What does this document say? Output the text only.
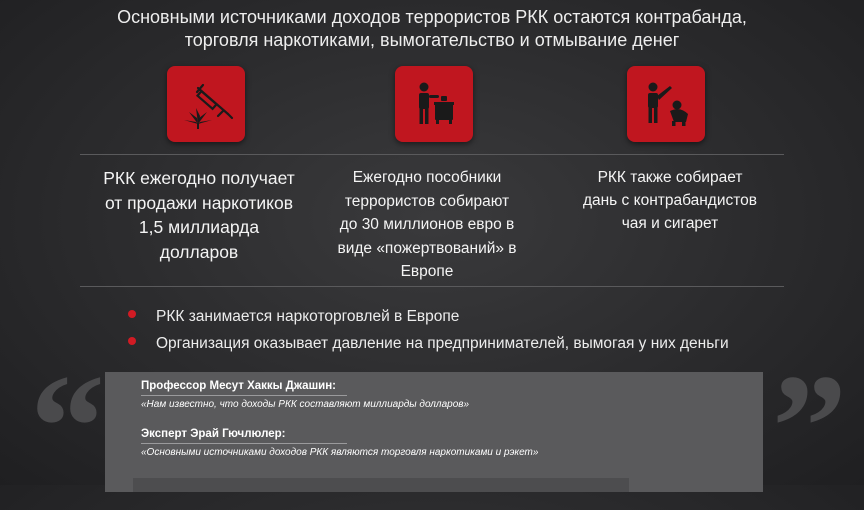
Основными источниками доходов террористов РКК остаются контрабанда,
торговля наркотиками, вымогательство и отмывание денег
РКК ежегодно получает
от продажи наркотиков
1,5 миллиарда
долларов
Ежегодно пособники
террористов собирают
до 30 миллионов евро в
виде «пожертвований» в
Европе
РКК также собирает
дань с контрабандистов
чая и сигарет
РКК занимается наркоторговлей в Европе
Организация оказывает давление на предпринимателей, вымогая у них деньги
“	”
Профессор Месут Хаккы Джашин:
«Нам известно, что доходы РКК составляют миллиарды долларов»
Эксперт Эрай Гючлюлер:
«Основными источниками доходов РКК являются торговля наркотиками и рэкет»
